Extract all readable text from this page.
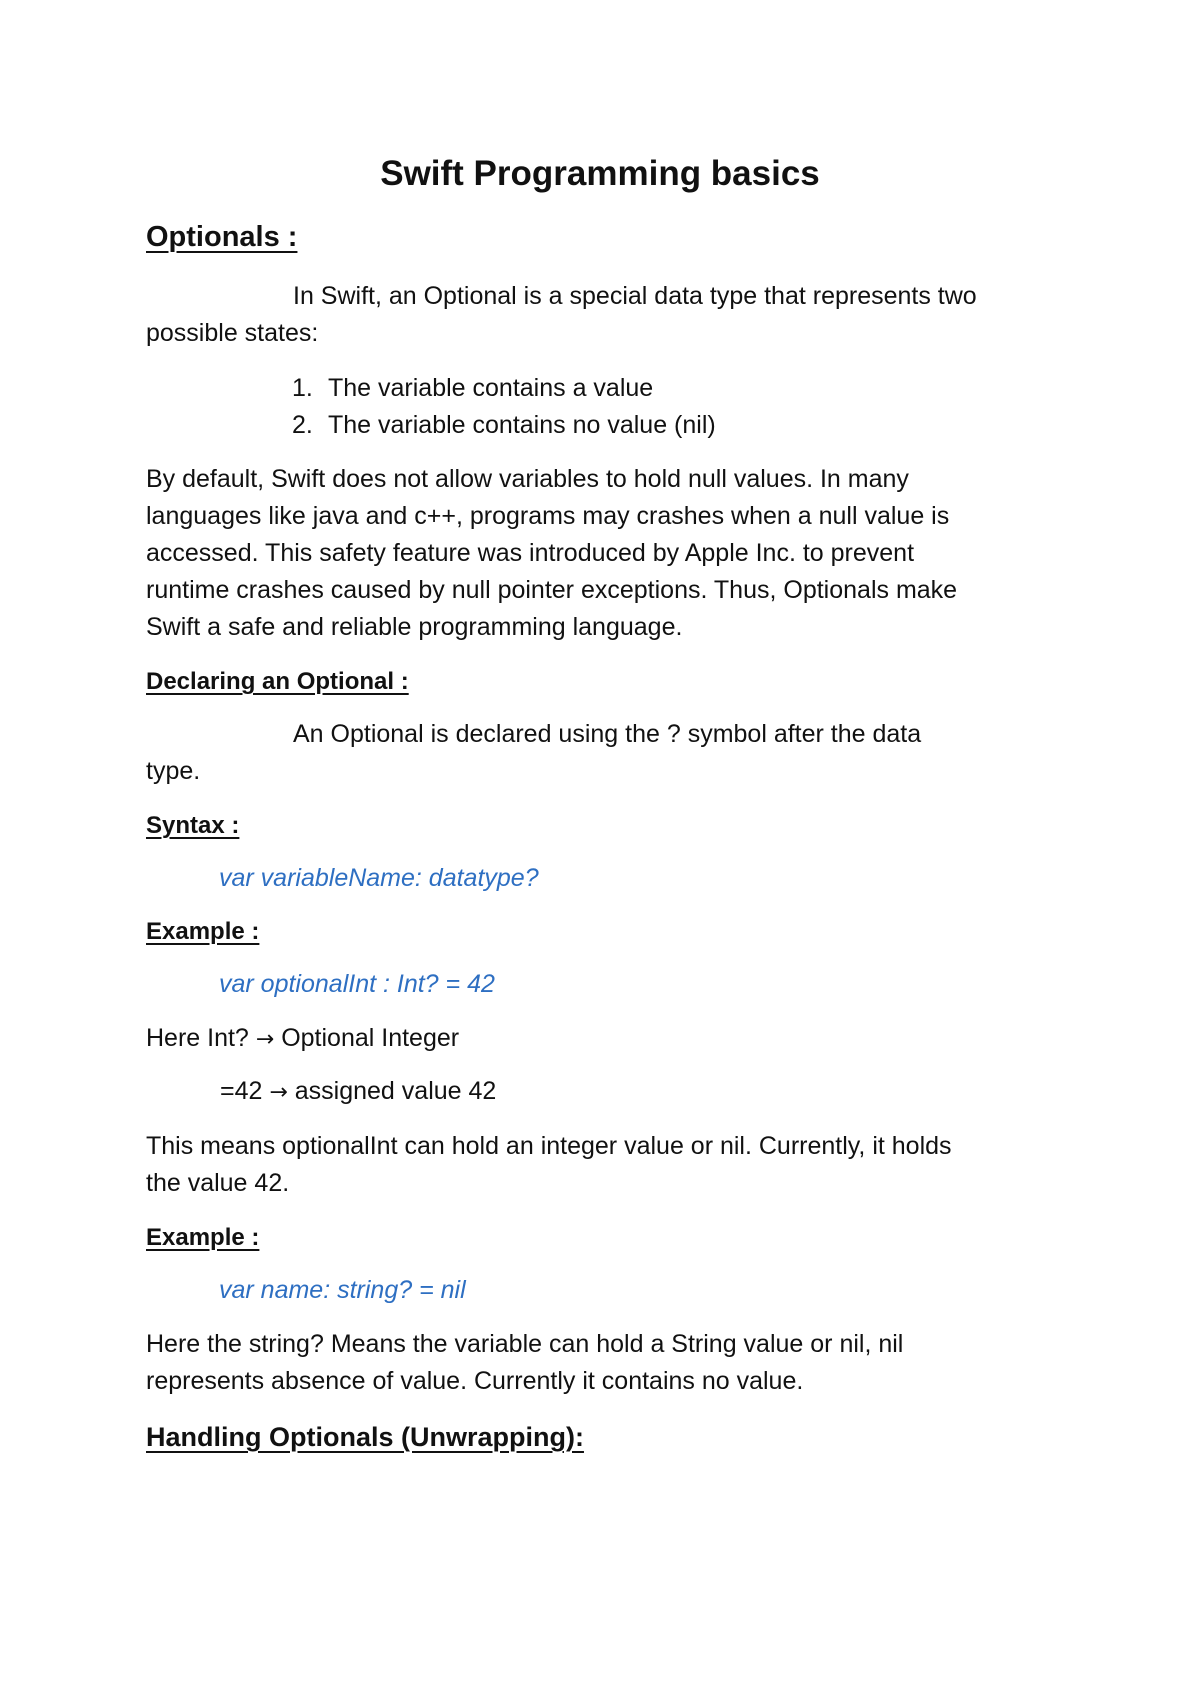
Swift Programming basics
Optionals :
In Swift, an Optional is a special data type that represents two
possible states:
1. The variable contains a value
2. The variable contains no value (nil)
By default, Swift does not allow variables to hold null values. In many
languages like java and c++, programs may crashes when a null value is
accessed. This safety feature was introduced by Apple Inc. to prevent
runtime crashes caused by null pointer exceptions. Thus, Optionals make
Swift a safe and reliable programming language.
Declaring an Optional :
An Optional is declared using the ? symbol after the data
type.
Syntax :
var variableName: datatype?
Example :
var optionalInt : Int? = 42
Here Int? → Optional Integer
=42 → assigned value 42
This means optionalInt can hold an integer value or nil. Currently, it holds
the value 42.
Example :
var name: string? = nil
Here the string? Means the variable can hold a String value or nil, nil
represents absence of value. Currently it contains no value.
Handling Optionals (Unwrapping):
